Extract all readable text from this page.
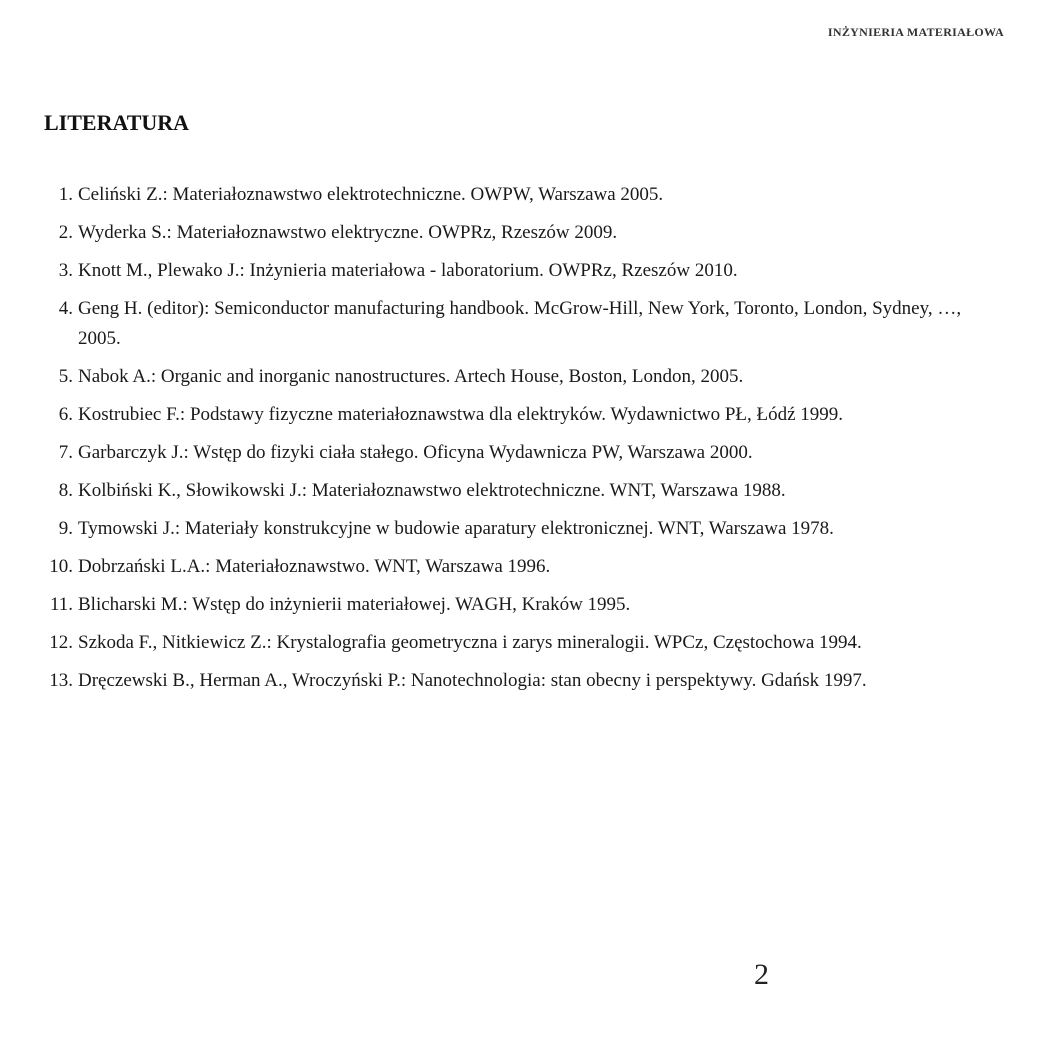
INŻYNIERIA MATERIAŁOWA
LITERATURA
1. Celiński Z.: Materiałoznawstwo elektrotechniczne. OWPW, Warszawa 2005.
2. Wyderka S.: Materiałoznawstwo elektryczne. OWPRz, Rzeszów 2009.
3. Knott M., Plewako J.: Inżynieria materiałowa - laboratorium. OWPRz, Rzeszów 2010.
4. Geng H. (editor): Semiconductor manufacturing handbook. McGrow-Hill, New York, Toronto, London, Sydney, …, 2005.
5. Nabok A.: Organic and inorganic nanostructures. Artech House, Boston, London, 2005.
6. Kostrubiec F.: Podstawy fizyczne materiałoznawstwa dla elektryków. Wydawnictwo PŁ, Łódź 1999.
7. Garbarczyk J.: Wstęp do fizyki ciała stałego. Oficyna Wydawnicza PW, Warszawa 2000.
8. Kolbiński K., Słowikowski J.: Materiałoznawstwo elektrotechniczne. WNT, Warszawa 1988.
9. Tymowski J.: Materiały konstrukcyjne w budowie aparatury elektronicznej. WNT, Warszawa 1978.
10. Dobrzański L.A.: Materiałoznawstwo. WNT, Warszawa 1996.
11. Blicharski M.: Wstęp do inżynierii materiałowej. WAGH, Kraków 1995.
12. Szkoda F., Nitkiewicz Z.: Krystalografia geometryczna i zarys mineralogii. WPCz, Częstochowa 1994.
13. Dręczewski B., Herman A., Wroczyński P.: Nanotechnologia: stan obecny i perspektywy. Gdańsk 1997.
2
